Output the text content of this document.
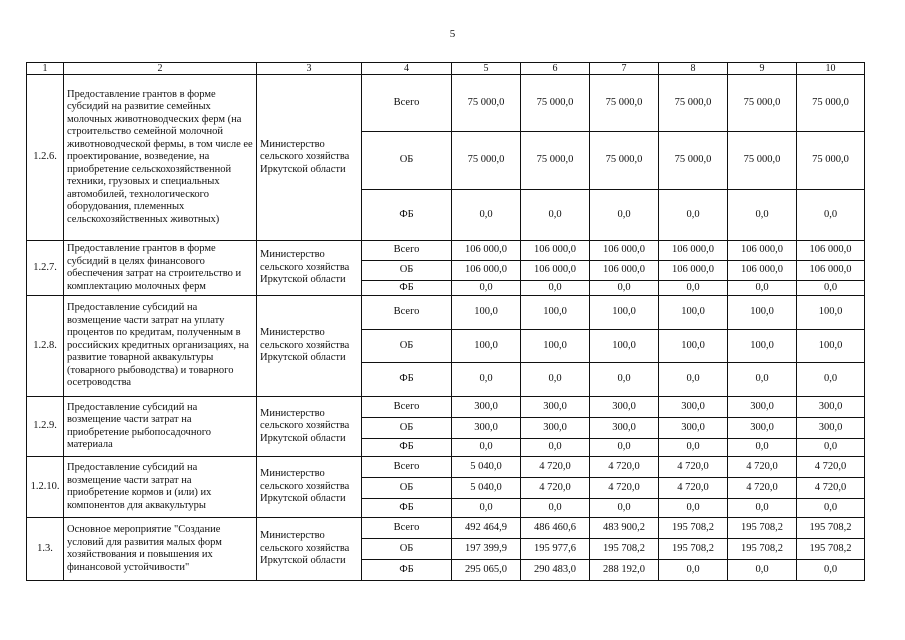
5
1	2	3	4	5	6	7	8	9	10
1.2.6.	Предоставление грантов в форме субсидий на развитие семейных молочных животноводческих ферм (на строительство семейной молочной животноводческой фермы, в том числе ее проектирование, возведение, на приобретение сельскохозяйственной техники, грузовых и специальных автомобилей, технологического оборудования, племенных сельскохозяйственных животных)	Министерство сельского хозяйства Иркутской области	Всего	75 000,0	75 000,0	75 000,0	75 000,0	75 000,0	75 000,0
			ОБ	75 000,0	75 000,0	75 000,0	75 000,0	75 000,0	75 000,0
			ФБ	0,0	0,0	0,0	0,0	0,0	0,0
1.2.7.	Предоставление грантов в форме субсидий в целях финансового обеспечения затрат на строительство и комплектацию молочных ферм	Министерство сельского хозяйства Иркутской области	Всего	106 000,0	106 000,0	106 000,0	106 000,0	106 000,0	106 000,0
			ОБ	106 000,0	106 000,0	106 000,0	106 000,0	106 000,0	106 000,0
			ФБ	0,0	0,0	0,0	0,0	0,0	0,0
1.2.8.	Предоставление субсидий на возмещение части затрат на уплату процентов по кредитам, полученным в российских кредитных организациях, на развитие товарной аквакультуры (товарного рыбоводства) и товарного осетроводства	Министерство сельского хозяйства Иркутской области	Всего	100,0	100,0	100,0	100,0	100,0	100,0
			ОБ	100,0	100,0	100,0	100,0	100,0	100,0
			ФБ	0,0	0,0	0,0	0,0	0,0	0,0
1.2.9.	Предоставление субсидий на возмещение части затрат на приобретение рыбопосадочного материала	Министерство сельского хозяйства Иркутской области	Всего	300,0	300,0	300,0	300,0	300,0	300,0
			ОБ	300,0	300,0	300,0	300,0	300,0	300,0
			ФБ	0,0	0,0	0,0	0,0	0,0	0,0
1.2.10.	Предоставление субсидий на возмещение части затрат на приобретение кормов и (или) их компонентов для аквакультуры	Министерство сельского хозяйства Иркутской области	Всего	5 040,0	4 720,0	4 720,0	4 720,0	4 720,0	4 720,0
			ОБ	5 040,0	4 720,0	4 720,0	4 720,0	4 720,0	4 720,0
			ФБ	0,0	0,0	0,0	0,0	0,0	0,0
1.3.	Основное мероприятие "Создание условий для развития малых форм хозяйствования и повышения их финансовой устойчивости"	Министерство сельского хозяйства Иркутской области	Всего	492 464,9	486 460,6	483 900,2	195 708,2	195 708,2	195 708,2
			ОБ	197 399,9	195 977,6	195 708,2	195 708,2	195 708,2	195 708,2
			ФБ	295 065,0	290 483,0	288 192,0	0,0	0,0	0,0
